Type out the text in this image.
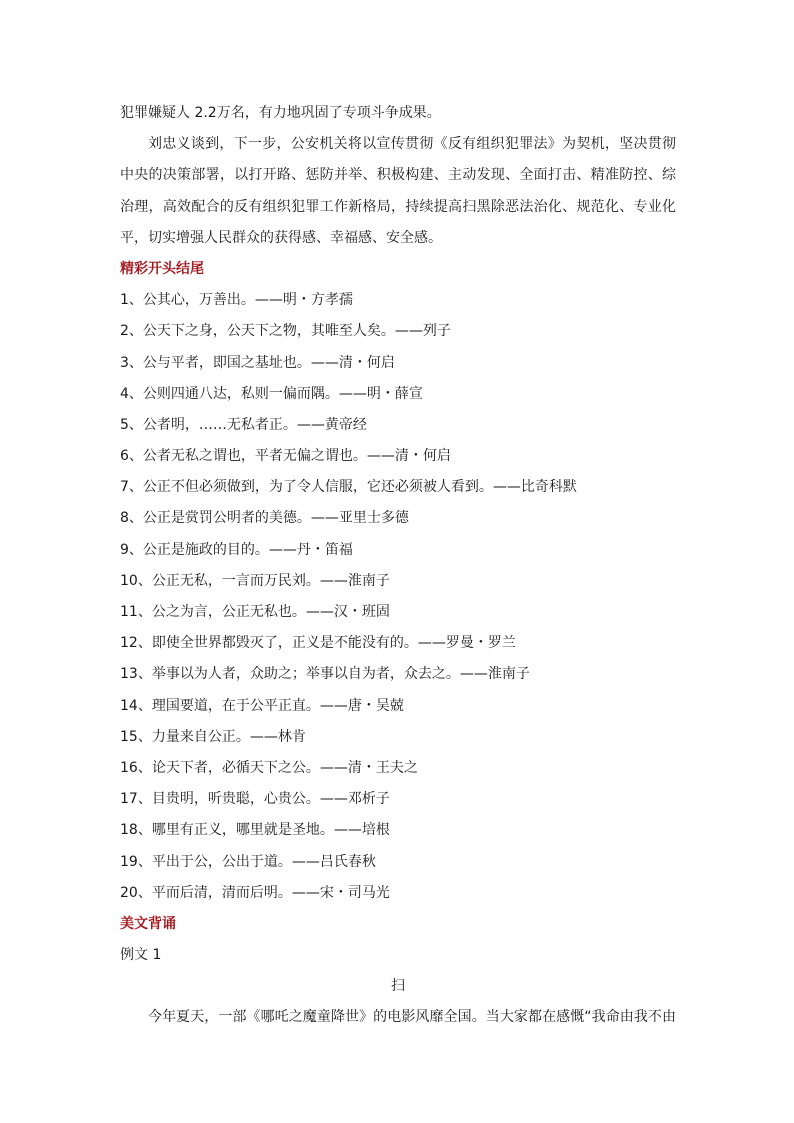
犯罪嫌疑人 2.2万名，有力地巩固了专项斗争成果。
刘忠义谈到，下一步，公安机关将以宣传贯彻《反有组织犯罪法》为契机，坚决贯彻
中央的决策部署，以打开路、惩防并举、积极构建、主动发现、全面打击、精准防控、综
治理，高效配合的反有组织犯罪工作新格局，持续提高扫黑除恶法治化、规范化、专业化
平，切实增强人民群众的获得感、幸福感、安全感。
精彩开头结尾
1、公其心，万善出。——明・方孝孺
2、公天下之身，公天下之物，其唯至人矣。——列子
3、公与平者，即国之基址也。——清・何启
4、公则四通八达，私则一偏而隅。——明・薛宣
5、公者明，……无私者正。——黄帝经
6、公者无私之谓也，平者无偏之谓也。——清・何启
7、公正不但必须做到，为了令人信服，它还必须被人看到。——比奇科默
8、公正是赏罚公明者的美德。——亚里士多德
9、公正是施政的目的。——丹・笛福
10、公正无私，一言而万民刘。——淮南子
11、公之为言，公正无私也。——汉・班固
12、即使全世界都毁灭了，正义是不能没有的。——罗曼・罗兰
13、举事以为人者，众助之；举事以自为者，众去之。——淮南子
14、理国要道，在于公平正直。——唐・吴兢
15、力量来自公正。——林肯
16、论天下者，必循天下之公。——清・王夫之
17、目贵明，听贵聪，心贵公。——邓析子
18、哪里有正义，哪里就是圣地。——培根
19、平出于公，公出于道。——吕氏春秋
20、平而后清，清而后明。——宋・司马光
美文背诵
例文 1
扫
今年夏天，一部《哪吒之魔童降世》的电影风靡全国。当大家都在感慨“我命由我不由
